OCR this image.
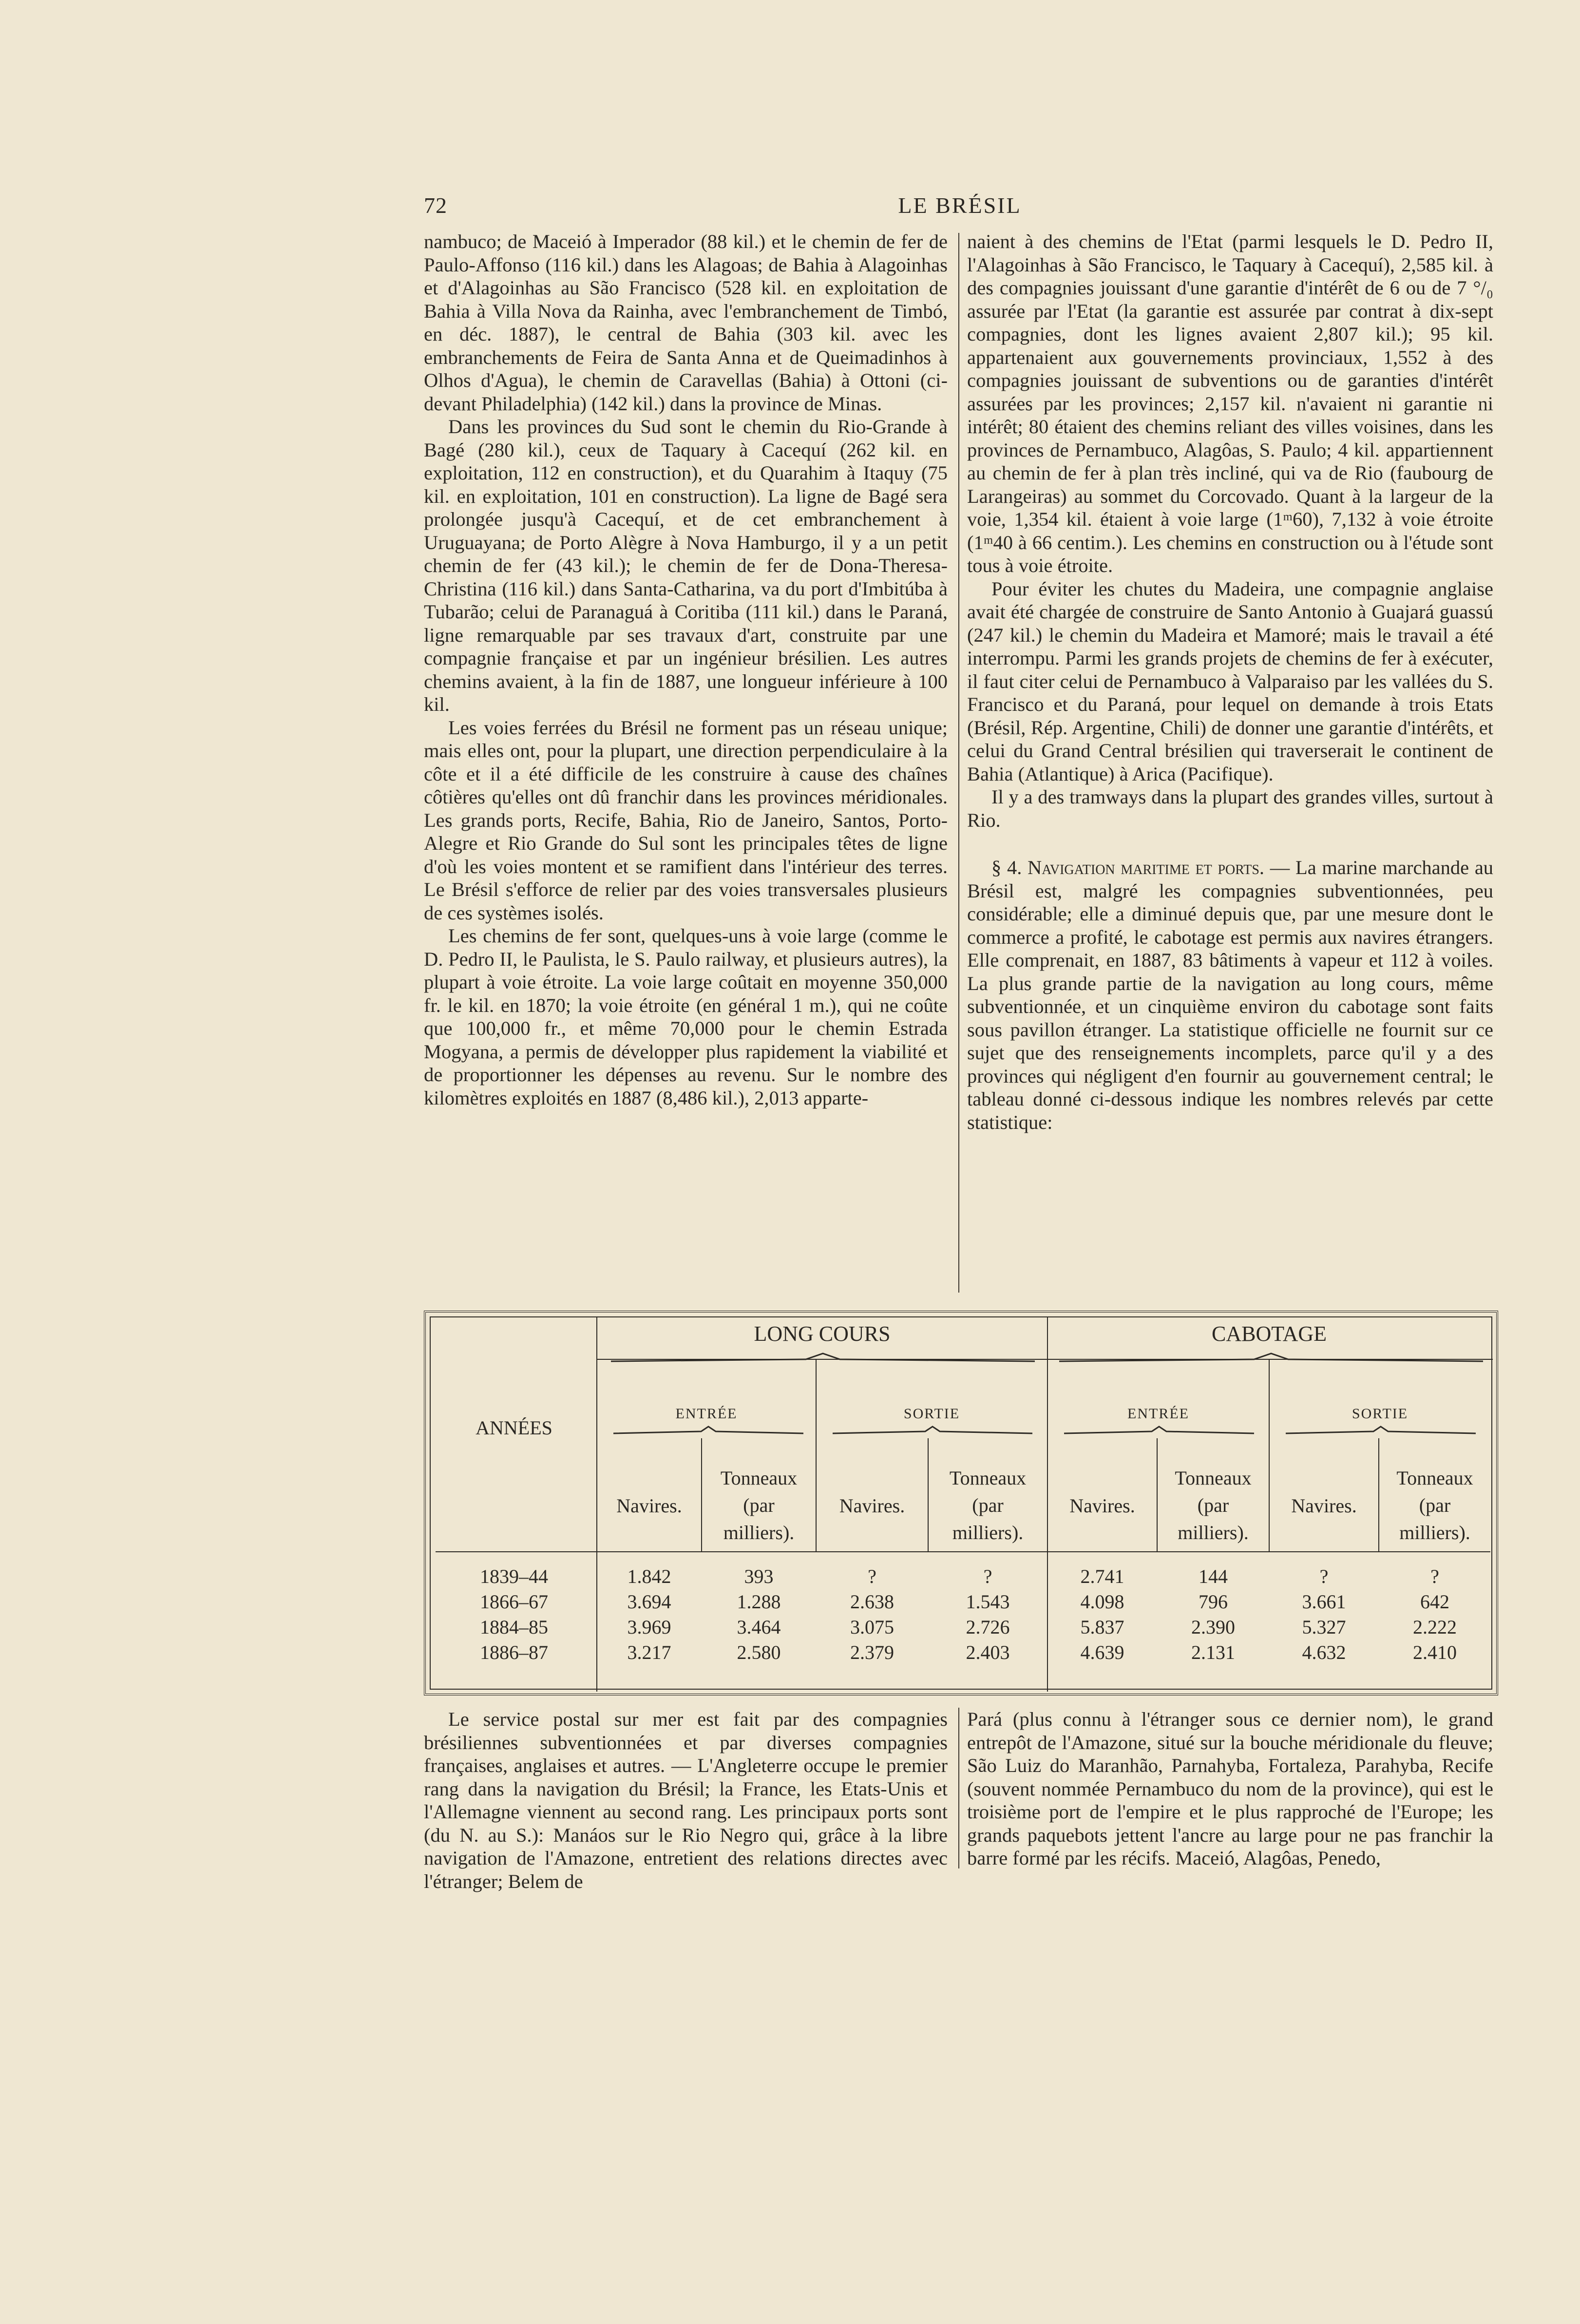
72	LE BRÉSIL

nambuco; de Maceió à Imperador (88 kil.) et le chemin de fer de Paulo-Affonso (116 kil.) dans les Alagoas; de Bahia à Alagoinhas et d'Alagoinhas au São Francisco (528 kil. en exploitation de Bahia à Villa Nova da Rainha, avec l'embranchement de Timbó, en déc. 1887), le central de Bahia (303 kil. avec les embranchements de Feira de Santa Anna et de Queimadinhos à Olhos d'Agua), le chemin de Caravellas (Bahia) à Ottoni (ci-devant Philadelphia) (142 kil.) dans la province de Minas.

Dans les provinces du Sud sont le chemin du Rio-Grande à Bagé (280 kil.), ceux de Taquary à Cacequí (262 kil. en exploitation, 112 en construction), et du Quarahim à Itaquy (75 kil. en exploitation, 101 en construction). La ligne de Bagé sera prolongée jusqu'à Cacequí, et de cet embranchement à Uruguayana; de Porto Alègre à Nova Hamburgo, il y a un petit chemin de fer (43 kil.); le chemin de fer de Dona-Theresa-Christina (116 kil.) dans Santa-Catharina, va du port d'Imbitúba à Tubarão; celui de Paranaguá à Coritiba (111 kil.) dans le Paraná, ligne remarquable par ses travaux d'art, construite par une compagnie française et par un ingénieur brésilien. Les autres chemins avaient, à la fin de 1887, une longueur inférieure à 100 kil.

Les voies ferrées du Brésil ne forment pas un réseau unique; mais elles ont, pour la plupart, une direction perpendiculaire à la côte et il a été difficile de les construire à cause des chaînes côtières qu'elles ont dû franchir dans les provinces méridionales. Les grands ports, Recife, Bahia, Rio de Janeiro, Santos, Porto-Alegre et Rio Grande do Sul sont les principales têtes de ligne d'où les voies montent et se ramifient dans l'intérieur des terres. Le Brésil s'efforce de relier par des voies transversales plusieurs de ces systèmes isolés.

Les chemins de fer sont, quelques-uns à voie large (comme le D. Pedro II, le Paulista, le S. Paulo railway, et plusieurs autres), la plupart à voie étroite. La voie large coûtait en moyenne 350,000 fr. le kil. en 1870; la voie étroite (en général 1 m.), qui ne coûte que 100,000 fr., et même 70,000 pour le chemin Estrada Mogyana, a permis de développer plus rapidement la viabilité et de proportionner les dépenses au revenu. Sur le nombre des kilomètres exploités en 1887 (8,486 kil.), 2,013 apparte-

naient à des chemins de l'Etat (parmi lesquels le D. Pedro II, l'Alagoinhas à São Francisco, le Taquary à Cacequí), 2,585 kil. à des compagnies jouissant d'une garantie d'intérêt de 6 ou de 7 °/₀ assurée par l'Etat (la garantie est assurée par contrat à dix-sept compagnies, dont les lignes avaient 2,807 kil.); 95 kil. appartenaient aux gouvernements provinciaux, 1,552 à des compagnies jouissant de subventions ou de garanties d'intérêt assurées par les provinces; 2,157 kil. n'avaient ni garantie ni intérêt; 80 étaient des chemins reliant des villes voisines, dans les provinces de Pernambuco, Alagôas, S. Paulo; 4 kil. appartiennent au chemin de fer à plan très incliné, qui va de Rio (faubourg de Larangeiras) au sommet du Corcovado. Quant à la largeur de la voie, 1,354 kil. étaient à voie large (1ᵐ60), 7,132 à voie étroite (1ᵐ40 à 66 centim.). Les chemins en construction ou à l'étude sont tous à voie étroite.

Pour éviter les chutes du Madeira, une compagnie anglaise avait été chargée de construire de Santo Antonio à Guajará guassú (247 kil.) le chemin du Madeira et Mamoré; mais le travail a été interrompu. Parmi les grands projets de chemins de fer à exécuter, il faut citer celui de Pernambuco à Valparaiso par les vallées du S. Francisco et du Paraná, pour lequel on demande à trois Etats (Brésil, Rép. Argentine, Chili) de donner une garantie d'intérêts, et celui du Grand Central brésilien qui traverserait le continent de Bahia (Atlantique) à Arica (Pacifique).

Il y a des tramways dans la plupart des grandes villes, surtout à Rio.

§ 4. Navigation maritime et ports. — La marine marchande au Brésil est, malgré les compagnies subventionnées, peu considérable; elle a diminué depuis que, par une mesure dont le commerce a profité, le cabotage est permis aux navires étrangers. Elle comprenait, en 1887, 83 bâtiments à vapeur et 112 à voiles. La plus grande partie de la navigation au long cours, même subventionnée, et un cinquième environ du cabotage sont faits sous pavillon étranger. La statistique officielle ne fournit sur ce sujet que des renseignements incomplets, parce qu'il y a des provinces qui négligent d'en fournir au gouvernement central; le tableau donné ci-dessous indique les nombres relevés par cette statistique:

ANNÉES
LONG COURS	CABOTAGE
ENTRÉE	SORTIE	ENTRÉE	SORTIE
Navires.
Tonneaux
(par
milliers).
Navires.
Tonneaux
(par
milliers).
Navires.
Tonneaux
(par
milliers).
Navires.
Tonneaux
(par
milliers).
1839–44	1.842	393	?	?	2.741	144	?	?
1866–67	3.694	1.288	2.638	1.543	4.098	796	3.661	642
1884–85	3.969	3.464	3.075	2.726	5.837	2.390	5.327	2.222
1886–87	3.217	2.580	2.379	2.403	4.639	2.131	4.632	2.410

Le service postal sur mer est fait par des compagnies brésiliennes subventionnées et par diverses compagnies françaises, anglaises et autres. — L'Angleterre occupe le premier rang dans la navigation du Brésil; la France, les Etats-Unis et l'Allemagne viennent au second rang. Les principaux ports sont (du N. au S.): Manáos sur le Rio Negro qui, grâce à la libre navigation de l'Amazone, entretient des relations directes avec l'étranger; Belem de

Pará (plus connu à l'étranger sous ce dernier nom), le grand entrepôt de l'Amazone, situé sur la bouche méridionale du fleuve; São Luiz do Maranhão, Parnahyba, Fortaleza, Parahyba, Recife (souvent nommée Pernambuco du nom de la province), qui est le troisième port de l'empire et le plus rapproché de l'Europe; les grands paquebots jettent l'ancre au large pour ne pas franchir la barre formé par les récifs. Maceió, Alagôas, Penedo,
